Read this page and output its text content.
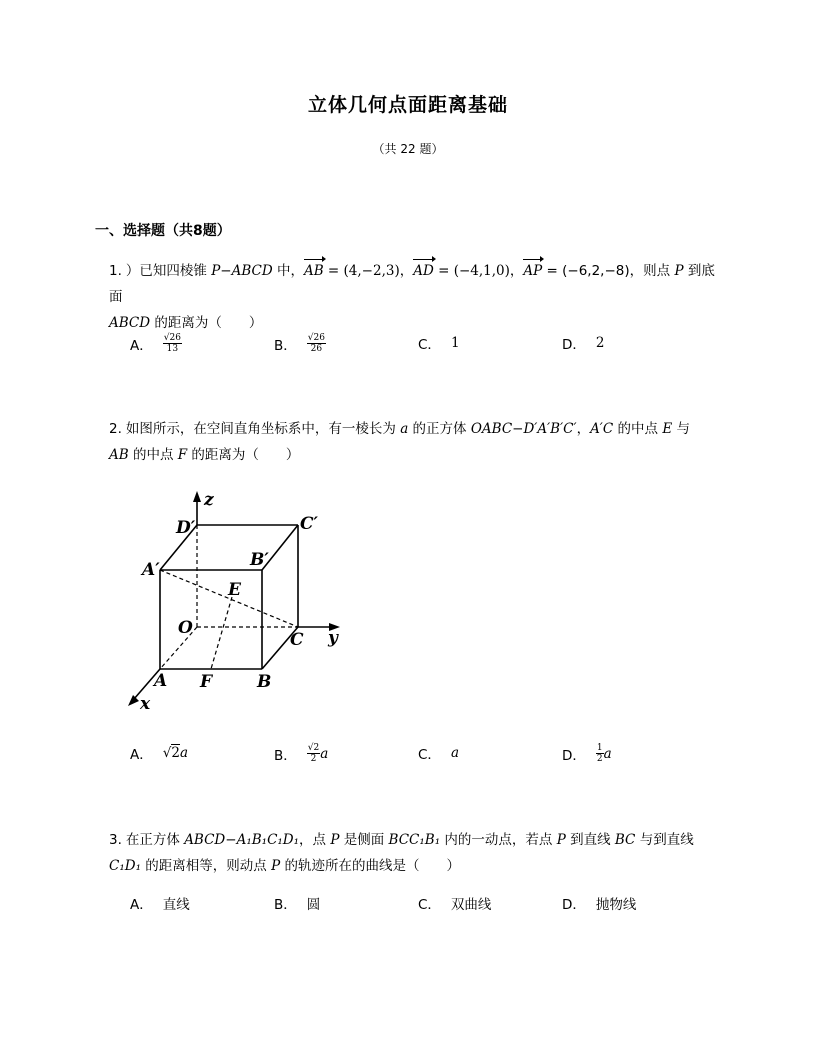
立体几何点面距离基础
（共 22 题）
一、选择题（共8题）
1. ）已知四棱锥 P−ABCD 中，AB = (4,−2,3)，AD = (−4,1,0)，AP = (−6,2,−8)，则点 P 到底面
ABCD 的距离为（　　）
A． $\frac{√26}{13}$	B． $\frac{√26}{26}$	C． 1	D． 2
2. 如图所示，在空间直角坐标系中，有一棱长为 a 的正方体 OABC−D′A′B′C′，A′C 的中点 E 与
AB 的中点 F 的距离为（　　）
z
D′	C′
A′	B′
E
O
C y
A F	B
x
A． √2 a	B． $\frac{√2}{2}$ a	C． a	D． $\frac{1}{2}$ a
3. 在正方体 ABCD−A₁B₁C₁D₁，点 P 是侧面 BCC₁B₁ 内的一动点，若点 P 到直线 BC 与到直线
C₁D₁ 的距离相等，则动点 P 的轨迹所在的曲线是（　　）
A． 直线	B． 圆	C． 双曲线	D． 抛物线
